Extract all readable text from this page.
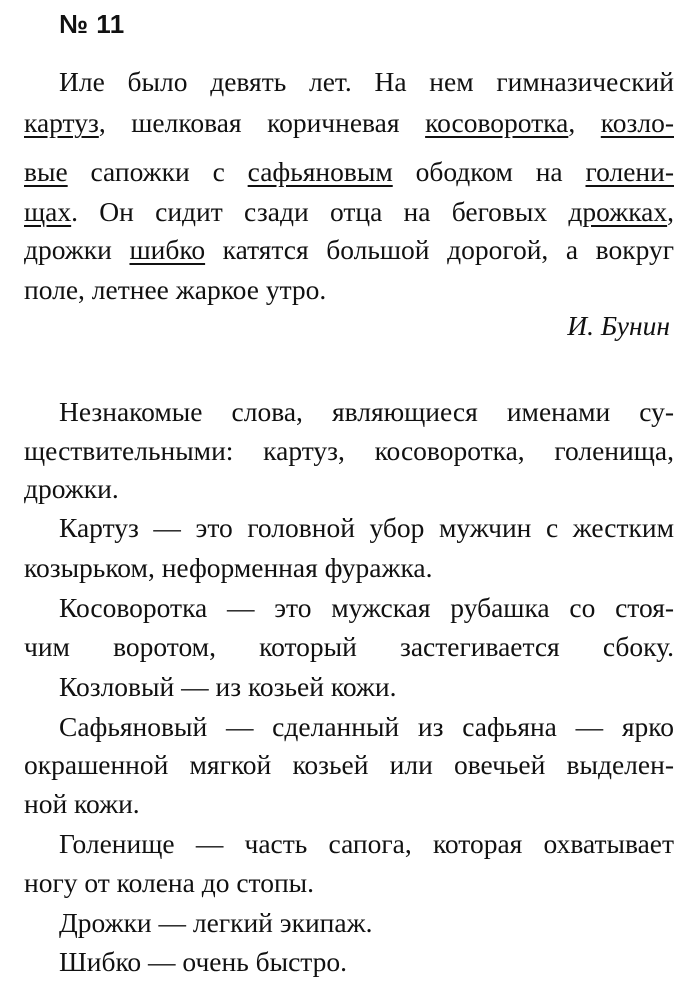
№ 11
Иле было девять лет. На нем гимназический
картуз, шелковая коричневая косоворотка, козло-
вые сапожки с сафьяновым ободком на голени-
щах. Он сидит сзади отца на беговых дрожках,
дрожки шибко катятся большой дорогой, а вокруг
поле, летнее жаркое утро.
И. Бунин
Незнакомые слова, являющиеся именами су-
ществительными: картуз, косоворотка, голенища,
дрожки.
Картуз — это головной убор мужчин с жестким
козырьком, неформенная фуражка.
Косоворотка — это мужская рубашка со стоя-
чим воротом, который застегивается сбоку.
Козловый — из козьей кожи.
Сафьяновый — сделанный из сафьяна — ярко
окрашенной мягкой козьей или овечьей выделен-
ной кожи.
Голенище — часть сапога, которая охватывает
ногу от колена до стопы.
Дрожки — легкий экипаж.
Шибко — очень быстро.
